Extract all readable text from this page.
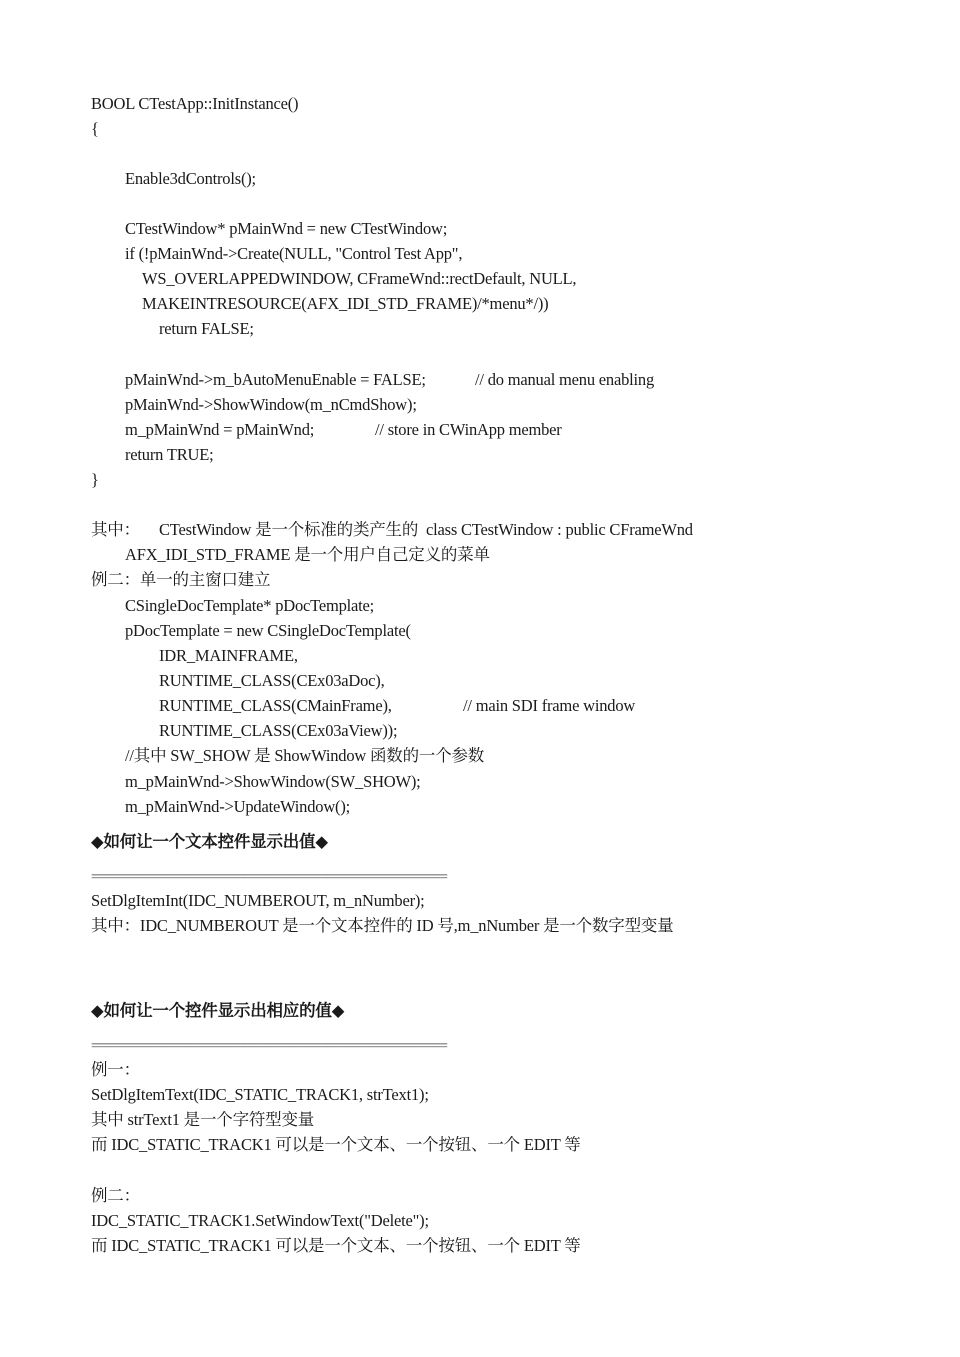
BOOL CTestApp::InitInstance()
{
Enable3dControls();
CTestWindow* pMainWnd = new CTestWindow;
if (!pMainWnd->Create(NULL, "Control Test App",
WS_OVERLAPPEDWINDOW, CFrameWnd::rectDefault, NULL,
MAKEINTRESOURCE(AFX_IDI_STD_FRAME)/*menu*/))
return FALSE;
pMainWnd->m_bAutoMenuEnable = FALSE;	// do manual menu enabling
pMainWnd->ShowWindow(m_nCmdShow);
m_pMainWnd = pMainWnd;	// store in CWinApp member
return TRUE;
}
其中： CTestWindow 是一个标准的类产生的  class CTestWindow : public CFrameWnd
AFX_IDI_STD_FRAME 是一个用户自己定义的菜单
例二：单一的主窗口建立
CSingleDocTemplate* pDocTemplate;
pDocTemplate = new CSingleDocTemplate(
IDR_MAINFRAME,
RUNTIME_CLASS(CEx03aDoc),
RUNTIME_CLASS(CMainFrame),	// main SDI frame window
RUNTIME_CLASS(CEx03aView));
//其中 SW_SHOW 是 ShowWindow 函数的一个参数
m_pMainWnd->ShowWindow(SW_SHOW);
m_pMainWnd->UpdateWindow();
◆如何让一个文本控件显示出值◆
========================================================
SetDlgItemInt(IDC_NUMBEROUT, m_nNumber);
其中：IDC_NUMBEROUT 是一个文本控件的 ID 号,m_nNumber 是一个数字型变量
◆如何让一个控件显示出相应的值◆
========================================================
例一：
SetDlgItemText(IDC_STATIC_TRACK1, strText1);
其中 strText1 是一个字符型变量
而 IDC_STATIC_TRACK1 可以是一个文本、一个按钮、一个 EDIT 等
例二：
IDC_STATIC_TRACK1.SetWindowText("Delete");
而 IDC_STATIC_TRACK1 可以是一个文本、一个按钮、一个 EDIT 等
